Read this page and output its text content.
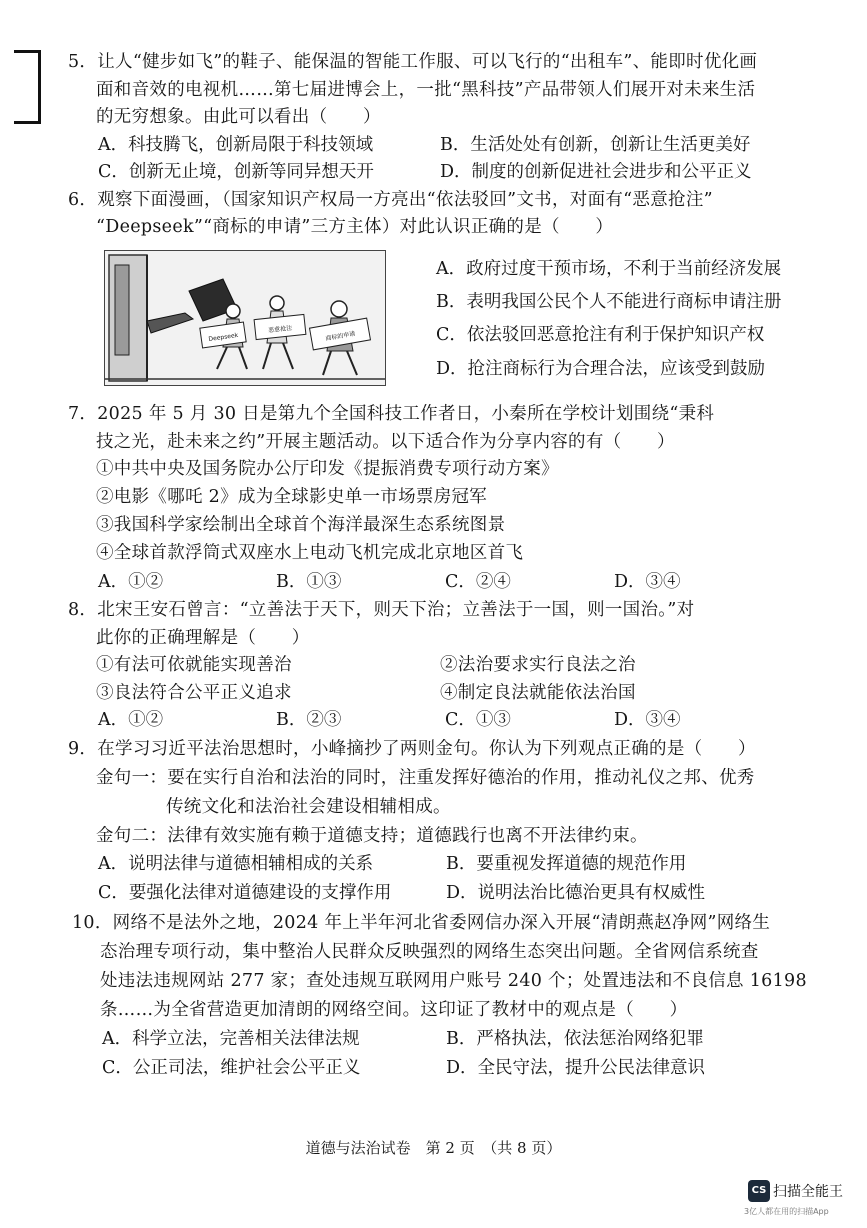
5．让人“健步如飞”的鞋子、能保温的智能工作服、可以飞行的“出租车”、能即时优化画
面和音效的电视机……第七届进博会上，一批“黑科技”产品带领人们展开对未来生活
的无穷想象。由此可以看出（　　）
A．科技腾飞，创新局限于科技领域	B．生活处处有创新，创新让生活更美好
C．创新无止境，创新等同异想天开	D．制度的创新促进社会进步和公平正义
6．观察下面漫画，（国家知识产权局一方亮出“依法驳回”文书，对面有“恶意抢注”
“Deepseek”“商标的申请”三方主体）对此认识正确的是（　　）
Deepseek
恶意抢注
商标的申请
A．政府过度干预市场，不利于当前经济发展
B．表明我国公民个人不能进行商标申请注册
C．依法驳回恶意抢注有利于保护知识产权
D．抢注商标行为合理合法，应该受到鼓励
7．2025 年 5 月 30 日是第九个全国科技工作者日，小秦所在学校计划围绕“秉科
技之光，赴未来之约”开展主题活动。以下适合作为分享内容的有（　　）
①中共中央及国务院办公厅印发《提振消费专项行动方案》
②电影《哪吒 2》成为全球影史单一市场票房冠军
③我国科学家绘制出全球首个海洋最深生态系统图景
④全球首款浮筒式双座水上电动飞机完成北京地区首飞
A．①②	B．①③	C．②④	D．③④
8．北宋王安石曾言：“立善法于天下，则天下治；立善法于一国，则一国治。”对
此你的正确理解是（　　）
①有法可依就能实现善治	②法治要求实行良法之治
③良法符合公平正义追求	④制定良法就能依法治国
A．①②	B．②③	C．①③	D．③④
9．在学习习近平法治思想时，小峰摘抄了两则金句。你认为下列观点正确的是（　　）
金句一：要在实行自治和法治的同时，注重发挥好德治的作用，推动礼仪之邦、优秀
传统文化和法治社会建设相辅相成。
金句二：法律有效实施有赖于道德支持；道德践行也离不开法律约束。
A．说明法律与道德相辅相成的关系	B．要重视发挥道德的规范作用
C．要强化法律对道德建设的支撑作用	D．说明法治比德治更具有权威性
10．网络不是法外之地，2024 年上半年河北省委网信办深入开展“清朗燕赵净网”网络生
态治理专项行动，集中整治人民群众反映强烈的网络生态突出问题。全省网信系统查
处违法违规网站 277 家；查处违规互联网用户账号 240 个；处置违法和不良信息 16198
条……为全省营造更加清朗的网络空间。这印证了教材中的观点是（　　）
A．科学立法，完善相关法律法规	B．严格执法，依法惩治网络犯罪
C．公正司法，维护社会公平正义	D．全民守法，提升公民法律意识
道德与法治试卷　第 2 页　（共 8 页）
CS 扫描全能王
3亿人都在用的扫描App
